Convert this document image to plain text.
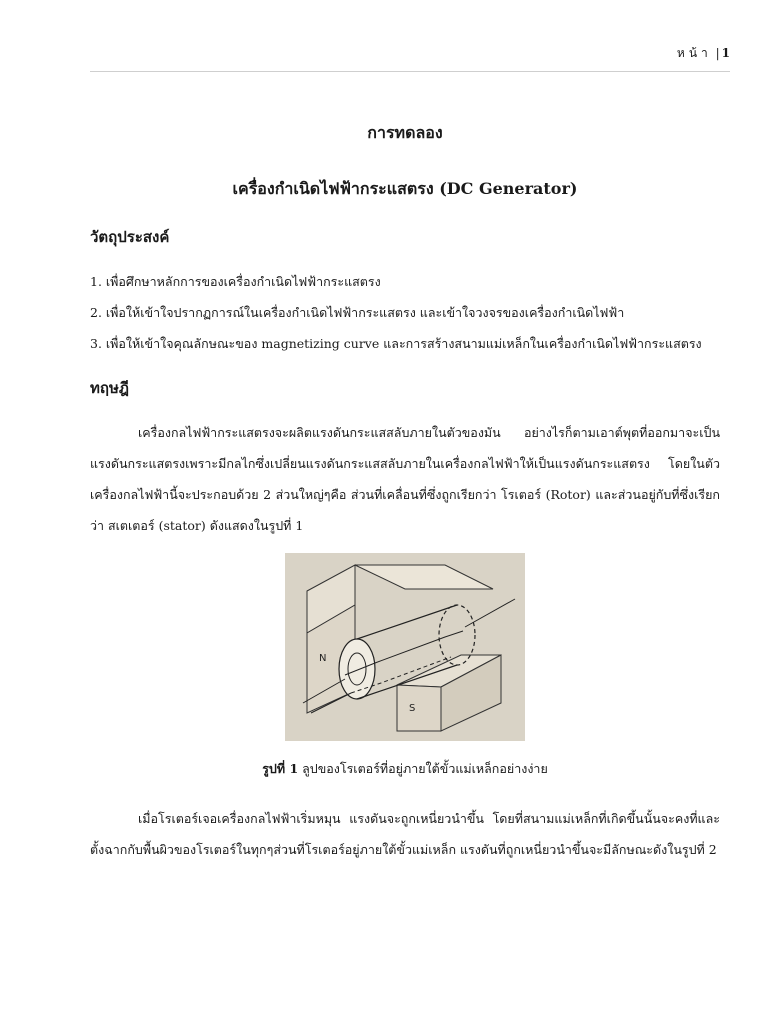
หน้า | 1
การทดลอง
เครื่องกำเนิดไฟฟ้ากระแสตรง (DC Generator)
วัตถุประสงค์
1. เพื่อศึกษาหลักการของเครื่องกำเนิดไฟฟ้ากระแสตรง
2. เพื่อให้เข้าใจปรากฏการณ์ในเครื่องกำเนิดไฟฟ้ากระแสตรง และเข้าใจวงจรของเครื่องกำเนิดไฟฟ้า
3. เพื่อให้เข้าใจคุณลักษณะของ magnetizing curve และการสร้างสนามแม่เหล็กในเครื่องกำเนิดไฟฟ้ากระแสตรง
ทฤษฎี

เครื่องกลไฟฟ้ากระแสตรงจะผลิตแรงดันกระแสสลับภายในตัวของมัน อย่างไรก็ตามเอาต์พุตที่ออกมาจะเป็นแรงดันกระแสตรงเพราะมีกลไกซึ่งเปลี่ยนแรงดันกระแสสลับภายในเครื่องกลไฟฟ้าให้เป็นแรงดันกระแสตรง โดยในตัวเครื่องกลไฟฟ้านี้จะประกอบด้วย 2 ส่วนใหญ่ๆคือ ส่วนที่เคลื่อนที่ซึ่งถูกเรียกว่า โรเตอร์ (Rotor) และส่วนอยู่กับที่ซึ่งเรียกว่า สเตเตอร์ (stator) ดังแสดงในรูปที่ 1

N
S

รูปที่ 1 ลูปของโรเตอร์ที่อยู่ภายใต้ขั้วแม่เหล็กอย่างง่าย

เมื่อโรเตอร์เจอเครื่องกลไฟฟ้าเริ่มหมุน แรงดันจะถูกเหนี่ยวนำขึ้น โดยที่สนามแม่เหล็กที่เกิดขึ้นนั้นจะคงที่และตั้งฉากกับพื้นผิวของโรเตอร์ในทุกๆส่วนที่โรเตอร์อยู่ภายใต้ขั้วแม่เหล็ก แรงดันที่ถูกเหนี่ยวนำขึ้นจะมีลักษณะดังในรูปที่ 2
